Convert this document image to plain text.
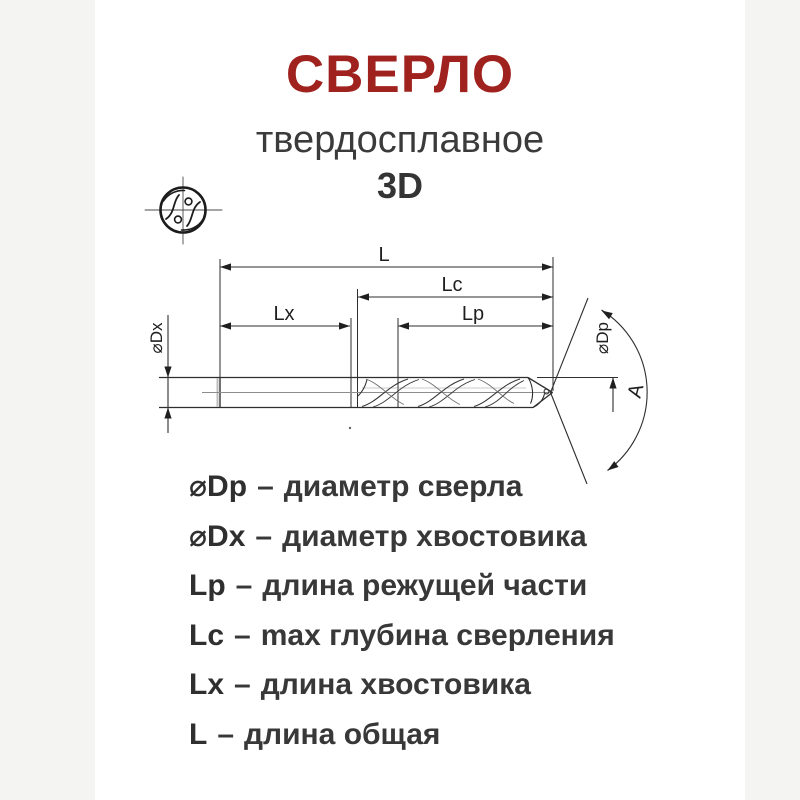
СВЕРЛО
твердосплавное
3D
L
Lc
Lx	Lp
⌀Dx	⌀Dp
A
⌀Dp – диаметр сверла
⌀Dx – диаметр хвостовика
Lp – длина режущей части
Lc – max глубина сверления
Lx – длина хвостовика
L – длина общая
